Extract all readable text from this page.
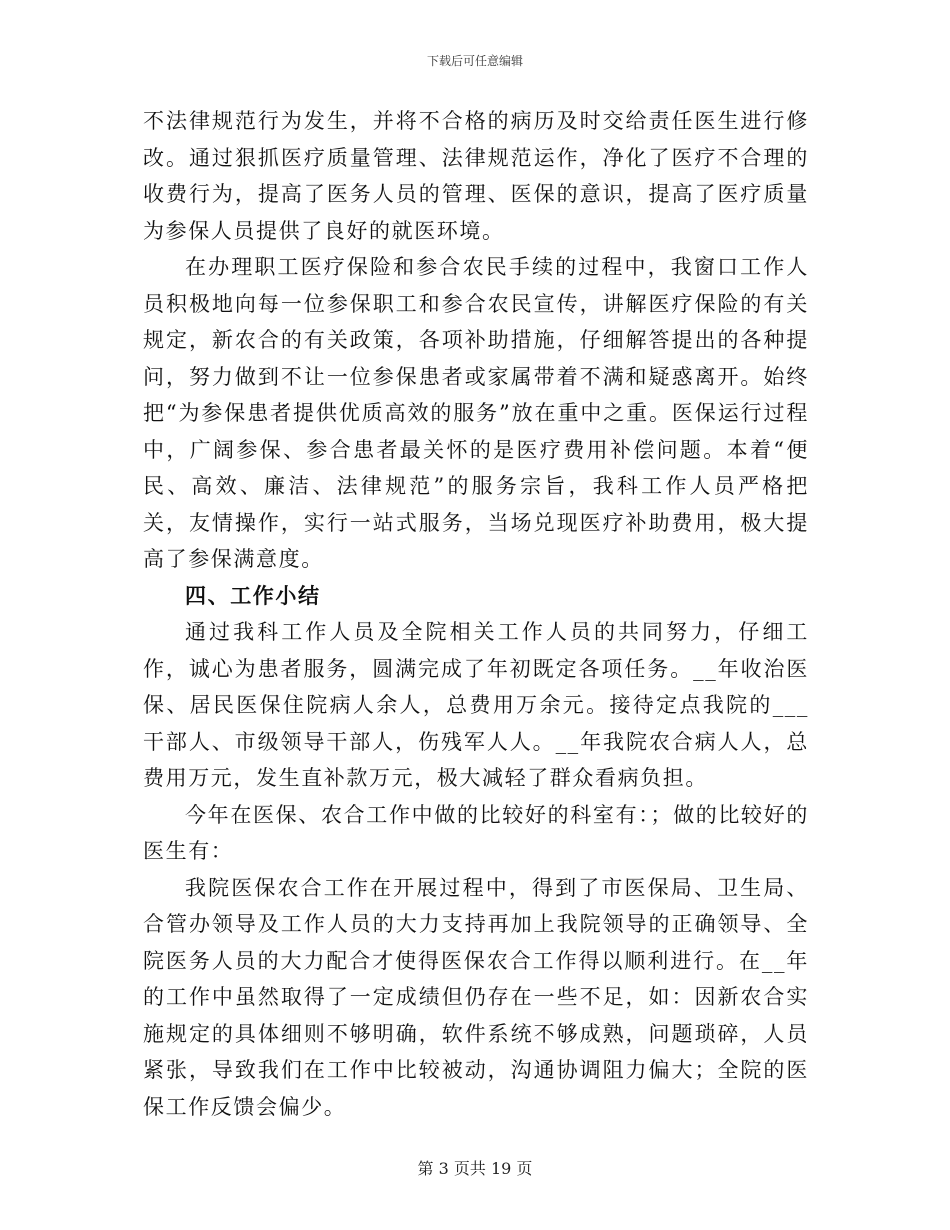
下载后可任意编辑

不法律规范行为发生，并将不合格的病历及时交给责任医生进行修改。通过狠抓医疗质量管理、法律规范运作，净化了医疗不合理的收费行为，提高了医务人员的管理、医保的意识，提高了医疗质量为参保人员提供了良好的就医环境。

在办理职工医疗保险和参合农民手续的过程中，我窗口工作人员积极地向每一位参保职工和参合农民宣传，讲解医疗保险的有关规定，新农合的有关政策，各项补助措施，仔细解答提出的各种提问，努力做到不让一位参保患者或家属带着不满和疑惑离开。始终把“为参保患者提供优质高效的服务”放在重中之重。医保运行过程中，广阔参保、参合患者最关怀的是医疗费用补偿问题。本着“便民、高效、廉洁、法律规范”的服务宗旨，我科工作人员严格把关，友情操作，实行一站式服务，当场兑现医疗补助费用，极大提高了参保满意度。

四、工作小结

通过我科工作人员及全院相关工作人员的共同努力，仔细工作，诚心为患者服务，圆满完成了年初既定各项任务。__年收治医保、居民医保住院病人余人，总费用万余元。接待定点我院的___干部人、市级领导干部人，伤残军人人。__年我院农合病人人，总费用万元，发生直补款万元，极大减轻了群众看病负担。

今年在医保、农合工作中做的比较好的科室有：；做的比较好的医生有：

我院医保农合工作在开展过程中，得到了市医保局、卫生局、合管办领导及工作人员的大力支持再加上我院领导的正确领导、全院医务人员的大力配合才使得医保农合工作得以顺利进行。在__年的工作中虽然取得了一定成绩但仍存在一些不足，如：因新农合实施规定的具体细则不够明确，软件系统不够成熟，问题琐碎，人员紧张，导致我们在工作中比较被动，沟通协调阻力偏大；全院的医保工作反馈会偏少。

第 3 页共 19 页
